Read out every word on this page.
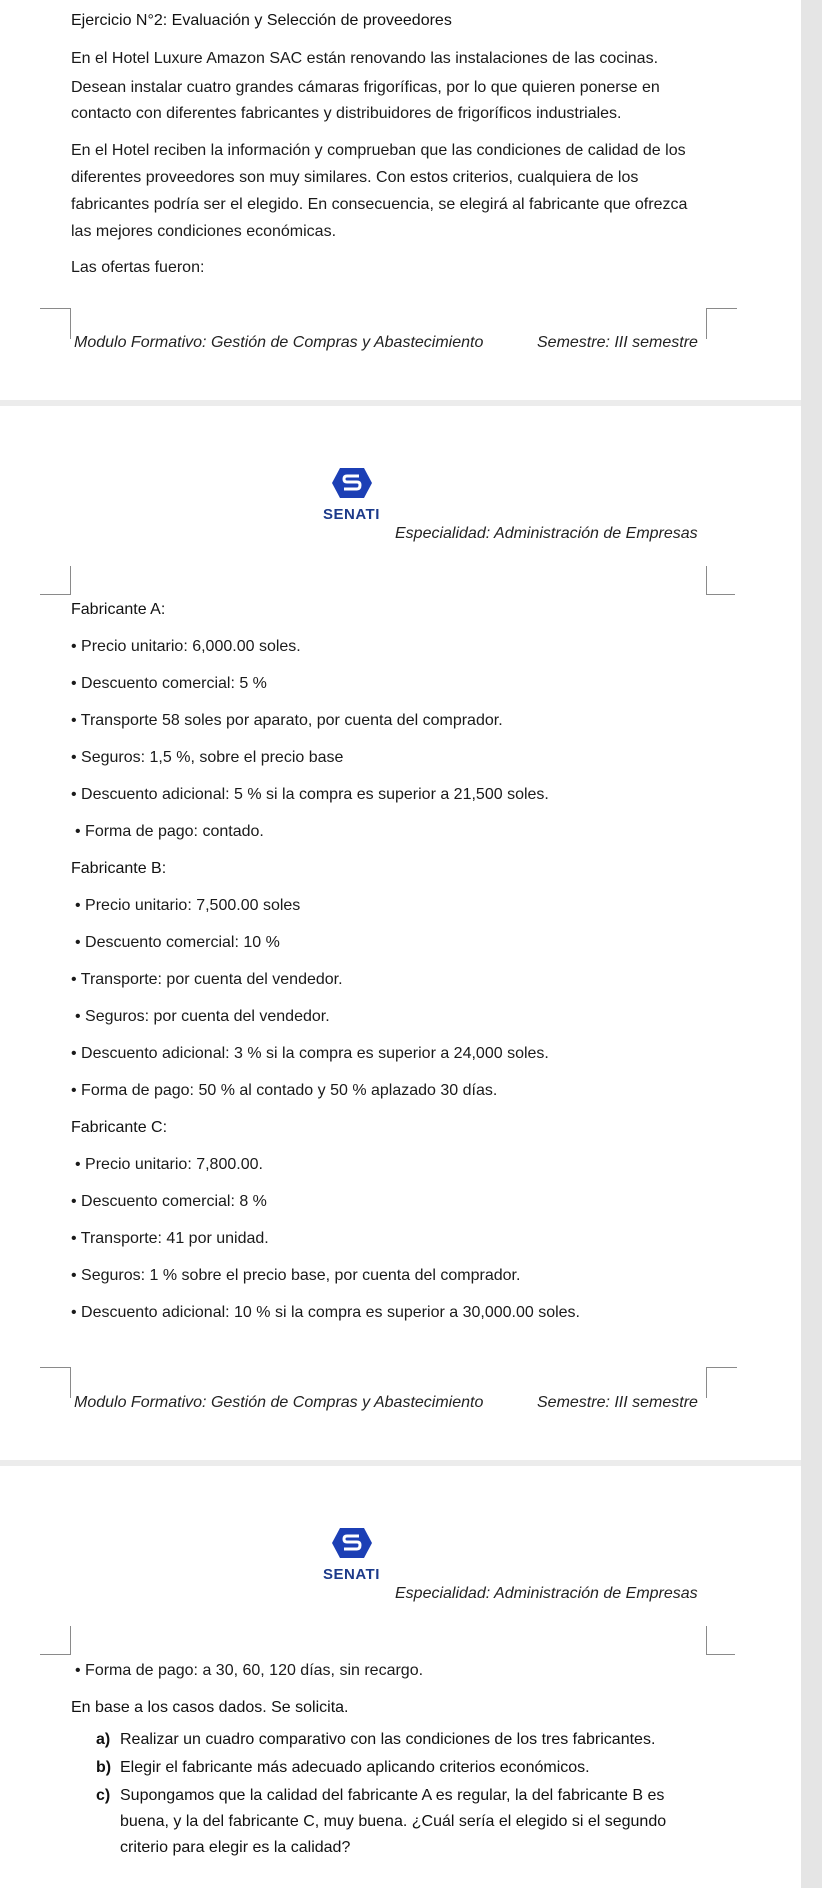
Ejercicio N°2: Evaluación y Selección de proveedores
En el Hotel Luxure Amazon SAC están renovando las instalaciones de las cocinas.
Desean instalar cuatro grandes cámaras frigoríficas, por lo que quieren ponerse en
contacto con diferentes fabricantes y distribuidores de frigoríficos industriales.
En el Hotel reciben la información y comprueban que las condiciones de calidad de los
diferentes proveedores son muy similares. Con estos criterios, cualquiera de los
fabricantes podría ser el elegido. En consecuencia, se elegirá al fabricante que ofrezca
las mejores condiciones económicas.
Las ofertas fueron:
Modulo Formativo: Gestión de Compras y Abastecimiento	Semestre: III semestre
SENATI
Especialidad: Administración de Empresas
Fabricante A:
• Precio unitario: 6,000.00 soles.
• Descuento comercial: 5 %
• Transporte 58 soles por aparato, por cuenta del comprador.
• Seguros: 1,5 %, sobre el precio base
• Descuento adicional: 5 % si la compra es superior a 21,500 soles.
• Forma de pago: contado.
Fabricante B:
• Precio unitario: 7,500.00 soles
• Descuento comercial: 10 %
• Transporte: por cuenta del vendedor.
• Seguros: por cuenta del vendedor.
• Descuento adicional: 3 % si la compra es superior a 24,000 soles.
• Forma de pago: 50 % al contado y 50 % aplazado 30 días.
Fabricante C:
• Precio unitario: 7,800.00.
• Descuento comercial: 8 %
• Transporte: 41 por unidad.
• Seguros: 1 % sobre el precio base, por cuenta del comprador.
• Descuento adicional: 10 % si la compra es superior a 30,000.00 soles.
Modulo Formativo: Gestión de Compras y Abastecimiento	Semestre: III semestre
SENATI
Especialidad: Administración de Empresas
• Forma de pago: a 30, 60, 120 días, sin recargo.
En base a los casos dados. Se solicita.
a) Realizar un cuadro comparativo con las condiciones de los tres fabricantes.
b) Elegir el fabricante más adecuado aplicando criterios económicos.
c) Supongamos que la calidad del fabricante A es regular, la del fabricante B es
buena, y la del fabricante C, muy buena. ¿Cuál sería el elegido si el segundo
criterio para elegir es la calidad?
